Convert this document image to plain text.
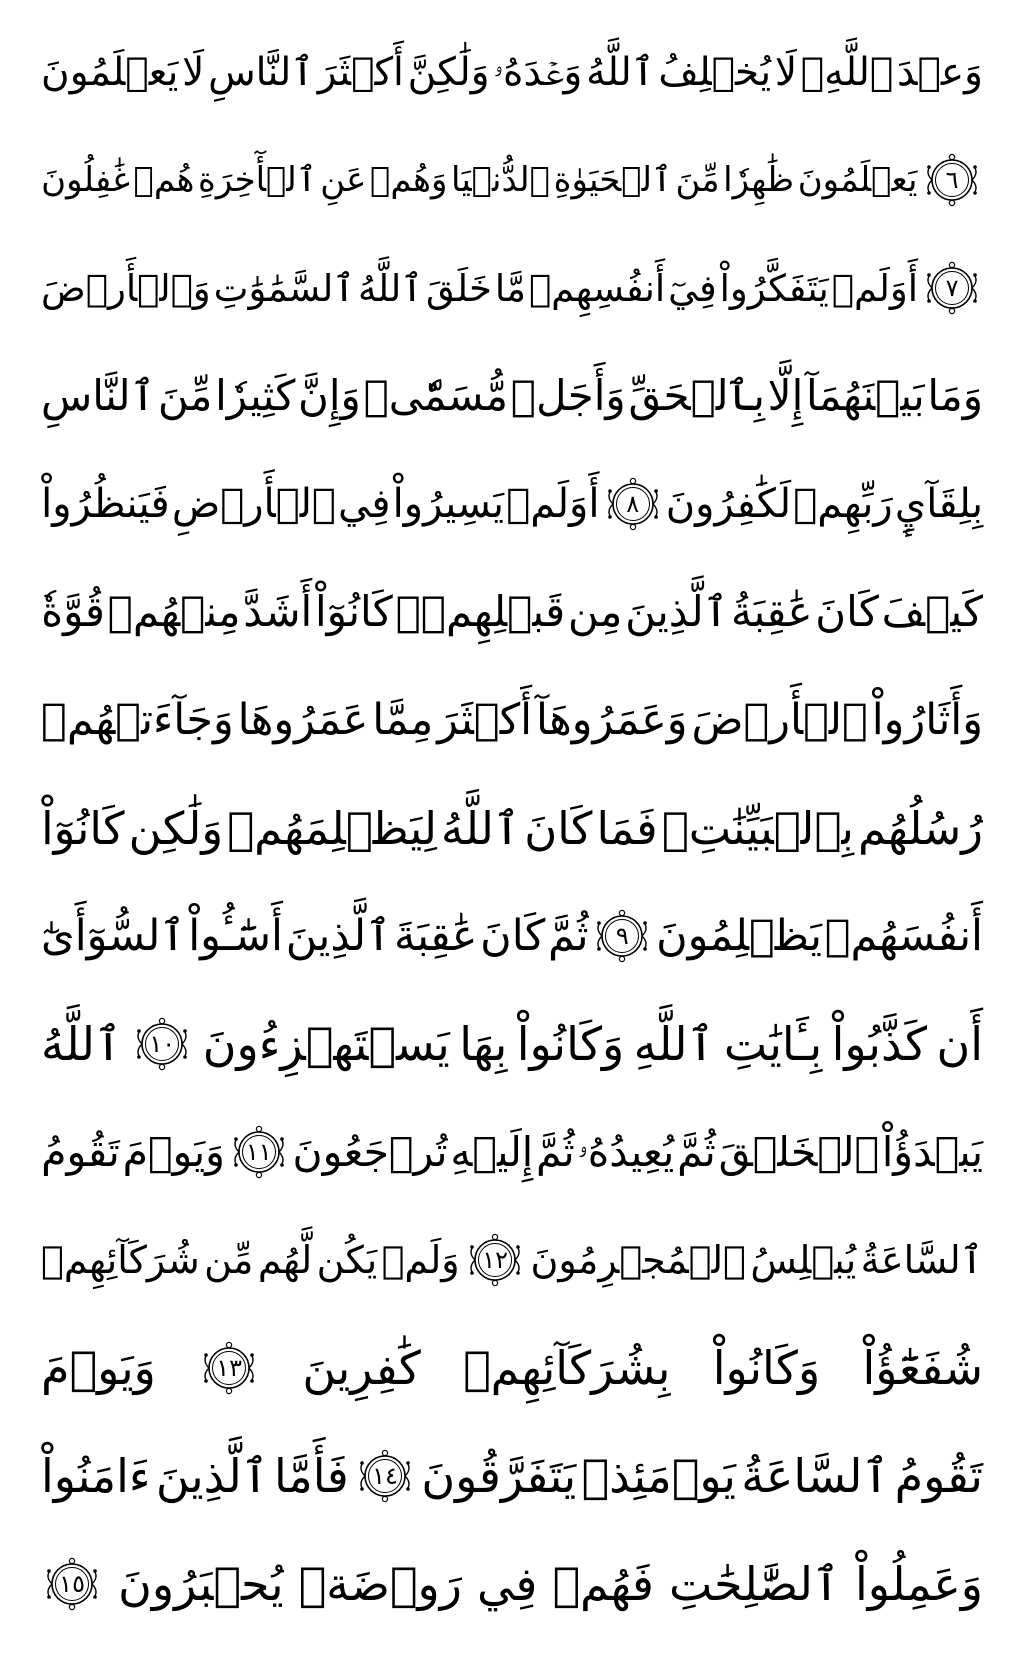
وَعۡدَ
ٱللَّهِۖ
لَا
يُخۡلِفُ
ٱللَّهُ
وَعۡدَهُۥ
وَلَٰكِنَّ
أَكۡثَرَ
ٱلنَّاسِ
لَا
يَعۡلَمُونَ
٦
يَعۡلَمُونَ
ظَٰهِرٗا
مِّنَ
ٱلۡحَيَوٰةِ
ٱلدُّنۡيَا
وَهُمۡ
عَنِ
ٱلۡأٓخِرَةِ
هُمۡ
غَٰفِلُونَ
٧
أَوَلَمۡ
يَتَفَكَّرُواْ
فِيٓ
أَنفُسِهِمۗ
مَّا
خَلَقَ
ٱللَّهُ
ٱلسَّمَٰوَٰتِ
وَٱلۡأَرۡضَ
وَمَا
بَيۡنَهُمَآ
إِلَّا
بِٱلۡحَقِّ
وَأَجَلٖ
مُّسَمّٗىۗ
وَإِنَّ
كَثِيرٗا
مِّنَ
ٱلنَّاسِ
بِلِقَآيِٕ
رَبِّهِمۡ
لَكَٰفِرُونَ
٨
أَوَلَمۡ
يَسِيرُواْ
فِي
ٱلۡأَرۡضِ
فَيَنظُرُواْ
كَيۡفَ
كَانَ
عَٰقِبَةُ
ٱلَّذِينَ
مِن
قَبۡلِهِمۡۚ
كَانُوٓاْ
أَشَدَّ
مِنۡهُمۡ
قُوَّةٗ
وَأَثَارُواْ
ٱلۡأَرۡضَ
وَعَمَرُوهَآ
أَكۡثَرَ
مِمَّا
عَمَرُوهَا
وَجَآءَتۡهُمۡ
رُسُلُهُم
بِٱلۡبَيِّنَٰتِۖ
فَمَا
كَانَ
ٱللَّهُ
لِيَظۡلِمَهُمۡ
وَلَٰكِن
كَانُوٓاْ
أَنفُسَهُمۡ
يَظۡلِمُونَ
٩
ثُمَّ
كَانَ
عَٰقِبَةَ
ٱلَّذِينَ
أَسَٰٓـُٔواْ
ٱلسُّوٓأَىٰٓ
أَن
كَذَّبُواْ
بِـَٔايَٰتِ
ٱللَّهِ
وَكَانُواْ
بِهَا
يَسۡتَهۡزِءُونَ
١٠
ٱللَّهُ
يَبۡدَؤُاْ
ٱلۡخَلۡقَ
ثُمَّ
يُعِيدُهُۥ
ثُمَّ
إِلَيۡهِ
تُرۡجَعُونَ
١١
وَيَوۡمَ
تَقُومُ
ٱلسَّاعَةُ
يُبۡلِسُ
ٱلۡمُجۡرِمُونَ
١٢
وَلَمۡ
يَكُن
لَّهُم
مِّن
شُرَكَآئِهِمۡ
شُفَعَٰٓؤُاْ
وَكَانُواْ
بِشُرَكَآئِهِمۡ
كَٰفِرِينَ
١٣
وَيَوۡمَ
تَقُومُ
ٱلسَّاعَةُ
يَوۡمَئِذٖ
يَتَفَرَّقُونَ
١٤
فَأَمَّا
ٱلَّذِينَ
ءَامَنُواْ
وَعَمِلُواْ
ٱلصَّٰلِحَٰتِ
فَهُمۡ
فِي
رَوۡضَةٖ
يُحۡبَرُونَ
١٥
